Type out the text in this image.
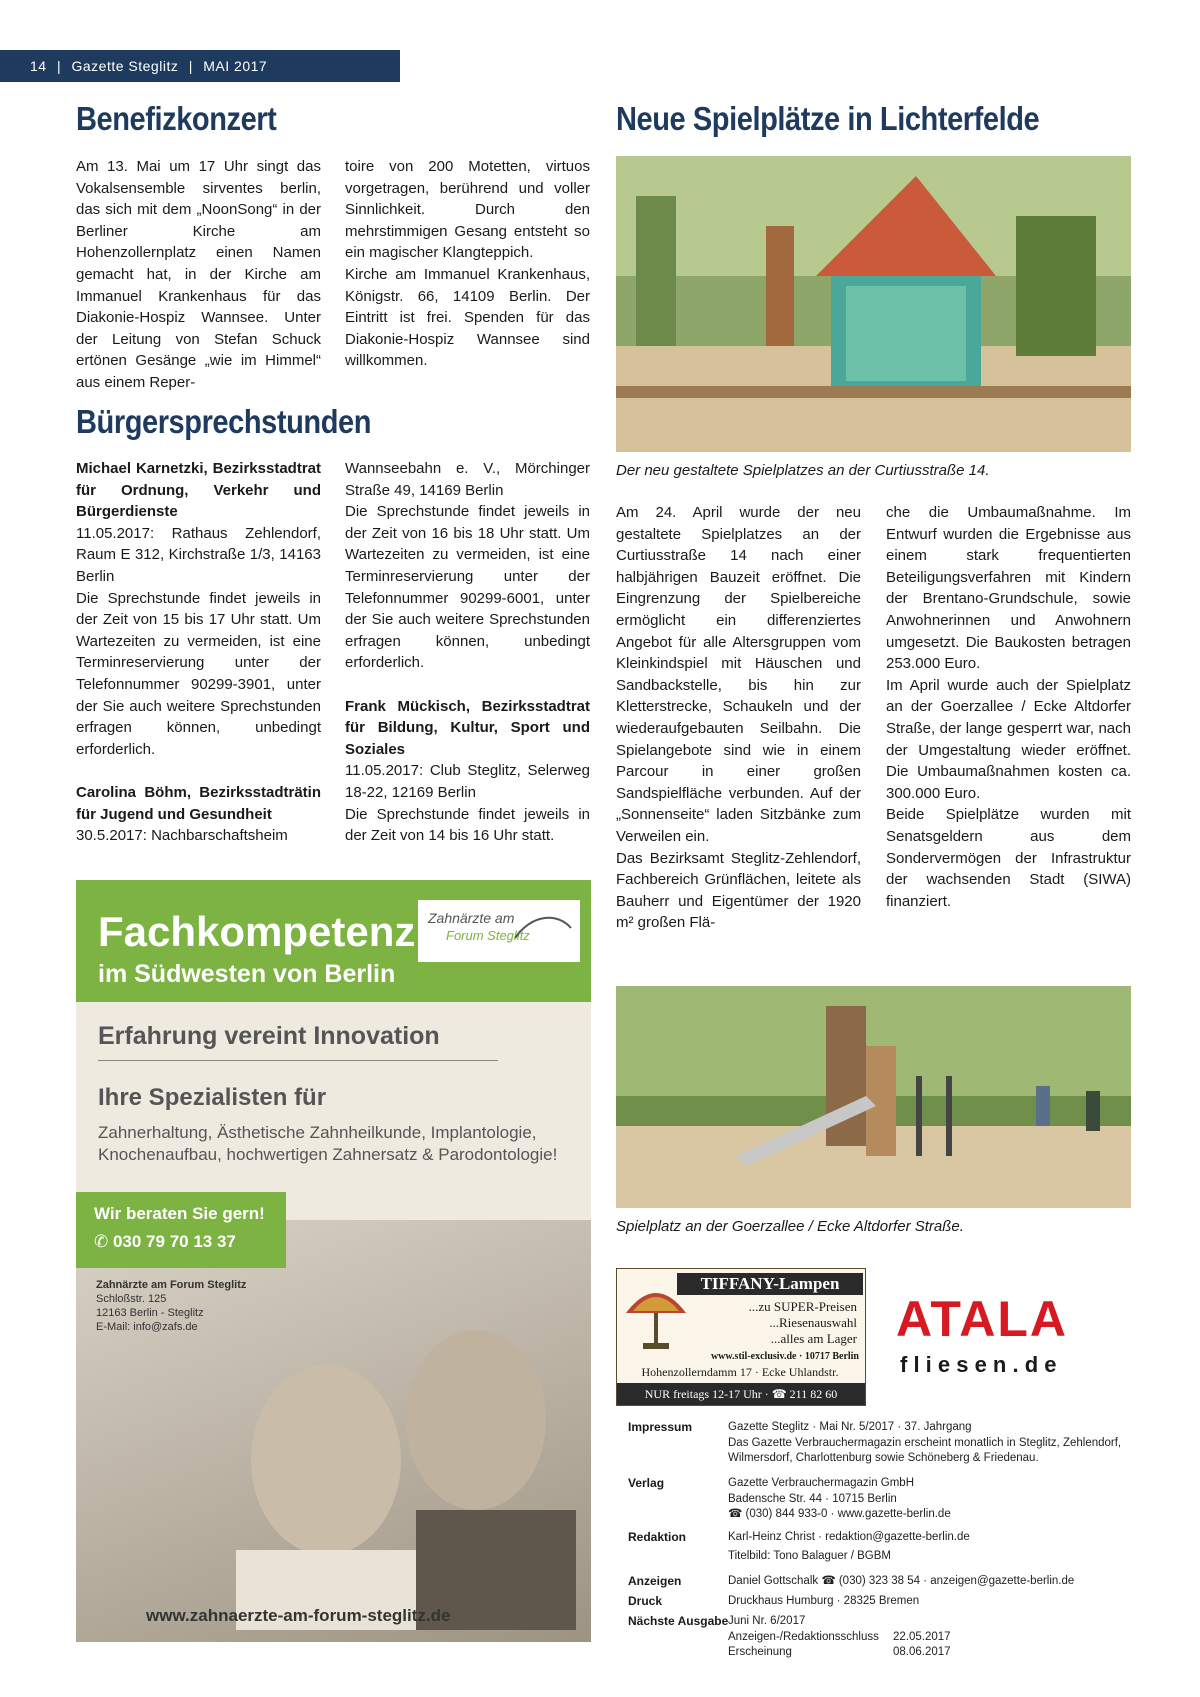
14 | Gazette Steglitz | MAI 2017
Benefizkonzert

Am 13. Mai um 17 Uhr singt das Vokalsensemble sirventes berlin, das sich mit dem „NoonSong“ in der Berliner Kirche am Hohenzollernplatz einen Namen gemacht hat, in der Kirche am Immanuel Krankenhaus für das Diakonie-Hospiz Wannsee. Unter der Leitung von Stefan Schuck ertönen Gesänge „wie im Himmel“ aus einem Reper-

toire von 200 Motetten, virtuos vorgetragen, berührend und voller Sinnlichkeit. Durch den mehrstimmigen Gesang entsteht so ein magischer Klangteppich.

Kirche am Immanuel Krankenhaus, Königstr. 66, 14109 Berlin. Der Eintritt ist frei. Spenden für das Diakonie-Hospiz Wannsee sind willkommen.

Bürgersprechstunden

Michael Karnetzki, Bezirksstadtrat für Ordnung, Verkehr und Bürgerdienste

11.05.2017: Rathaus Zehlendorf, Raum E 312, Kirchstraße 1/3, 14163 Berlin

Die Sprechstunde findet jeweils in der Zeit von 15 bis 17 Uhr statt. Um Wartezeiten zu vermeiden, ist eine Terminreservierung unter der Telefonnummer 90299-3901, unter der Sie auch weitere Sprechstunden erfragen können, unbedingt erforderlich.

Carolina Böhm, Bezirksstadträtin für Jugend und Gesundheit

30.5.2017: Nachbarschaftsheim

Wannseebahn e. V., Mörchinger Straße 49, 14169 Berlin

Die Sprechstunde findet jeweils in der Zeit von 16 bis 18 Uhr statt. Um Wartezeiten zu vermeiden, ist eine Terminreservierung unter der Telefonnummer 90299-6001, unter der Sie auch weitere Sprechstunden erfragen können, unbedingt erforderlich.

Frank Mückisch, Bezirksstadtrat für Bildung, Kultur, Sport und Soziales

11.05.2017: Club Steglitz, Selerweg 18-22, 12169 Berlin

Die Sprechstunde findet jeweils in der Zeit von 14 bis 16 Uhr statt.

Neue Spielplätze in Lichterfelde
Der neu gestaltete Spielplatzes an der Curtiusstraße 14.

Am 24. April wurde der neu gestaltete Spielplatzes an der Curtiusstraße 14 nach einer halbjährigen Bauzeit eröffnet. Die Eingrenzung der Spielbereiche ermöglicht ein differenziertes Angebot für alle Altersgruppen vom Kleinkindspiel mit Häuschen und Sandbackstelle, bis hin zur Kletterstrecke, Schaukeln und der wiederaufgebauten Seilbahn. Die Spielangebote sind wie in einem Parcour in einer großen Sandspielfläche verbunden. Auf der „Sonnenseite“ laden Sitzbänke zum Verweilen ein.

Das Bezirksamt Steglitz-Zehlendorf, Fachbereich Grünflächen, leitete als Bauherr und Eigentümer der 1920 m² großen Flä-

che die Umbaumaßnahme. Im Entwurf wurden die Ergebnisse aus einem stark frequentierten Beteiligungsverfahren mit Kindern der Brentano-Grundschule, sowie Anwohnerinnen und Anwohnern umgesetzt. Die Baukosten betragen 253.000 Euro.

Im April wurde auch der Spielplatz an der Goerzallee / Ecke Altdorfer Straße, der lange gesperrt war, nach der Umgestaltung wieder eröffnet. Die Umbaumaßnahmen kosten ca. 300.000 Euro.

Beide Spielplätze wurden mit Senatsgeldern aus dem Sondervermögen der Infrastruktur der wachsenden Stadt (SIWA) finanziert.

Spielplatz an der Goerzallee / Ecke Altdorfer Straße.
Fachkompetenz
im Südwesten von Berlin
Zahnärzte am
Forum Steglitz
Erfahrung vereint Innovation
Ihre Spezialisten für
Zahnerhaltung, Ästhetische Zahnheilkunde, Implantologie, Knochenaufbau, hochwertigen Zahnersatz & Parodontologie!
Wir beraten Sie gern!
✆ 030 79 70 13 37
Zahnärzte am Forum Steglitz
Schloßstr. 125
12163 Berlin - Steglitz
E-Mail: info@zafs.de
www.zahnaerzte-am-forum-steglitz.de
TIFFANY-Lampen
...zu SUPER-Preisen
...Riesenauswahl
...alles am Lager
www.stil-exclusiv.de · 10717 Berlin
Hohenzollerndamm 17 · Ecke Uhlandstr.
NUR freitags 12-17 Uhr · ☎ 211 82 60
ATALA
f l i e s e n . d e
Impressum	Gazette Steglitz · Mai Nr. 5/2017 · 37. Jahrgang
Das Gazette Verbrauchermagazin erscheint monatlich in Steglitz, Zehlendorf, Wilmersdorf, Charlottenburg sowie Schöneberg & Friedenau.
Verlag	Gazette Verbrauchermagazin GmbH
Badensche Str. 44 · 10715 Berlin
☎ (030) 844 933-0 · www.gazette-berlin.de
Redaktion	Karl-Heinz Christ · redaktion@gazette-berlin.de
Titelbild: Tono Balaguer / BGBM
Anzeigen	Daniel Gottschalk ☎ (030) 323 38 54 · anzeigen@gazette-berlin.de
Druck	Druckhaus Humburg · 28325 Bremen
Nächste Ausgabe Juni Nr. 6/2017
Anzeigen-/Redaktionsschluss 22.05.2017
Erscheinung	08.06.2017
